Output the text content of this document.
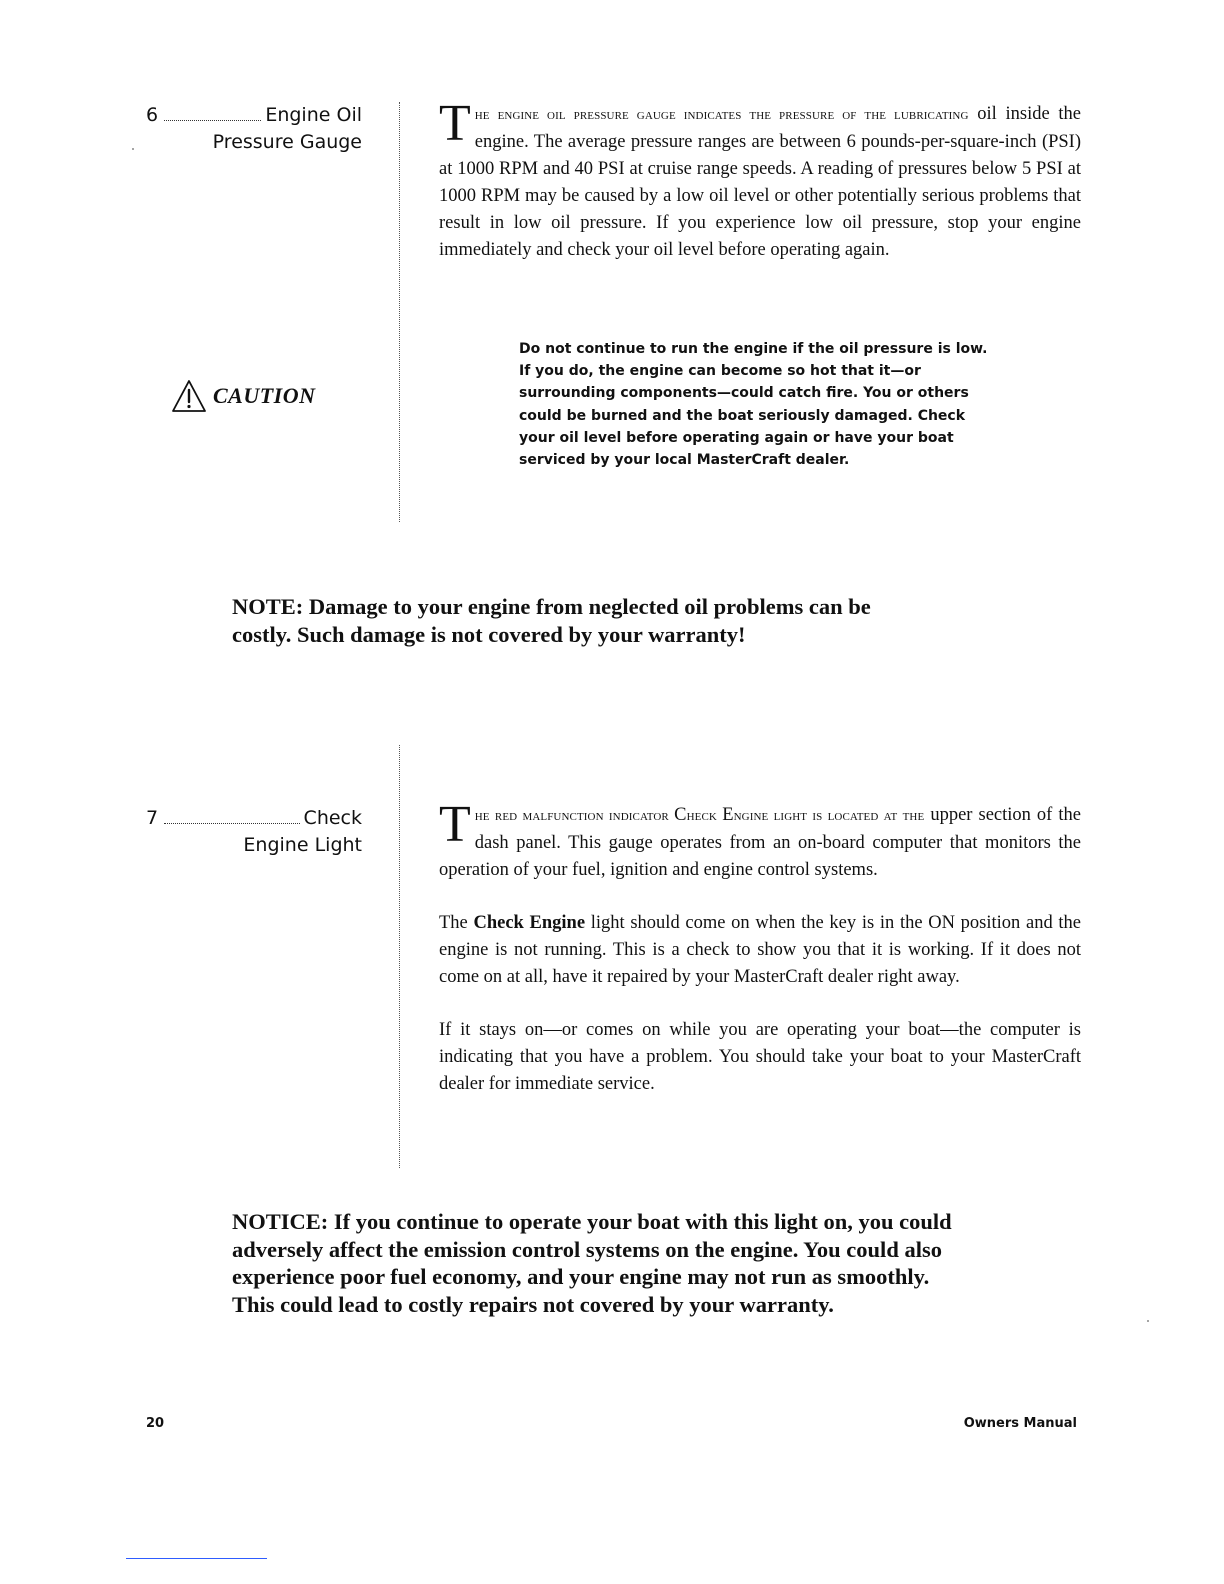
6	Engine Oil
Pressure Gauge The engine oil pressure gauge indicates the pressure of the lubricating oil inside the engine. The average pressure ranges are between 6 pounds-per-square-inch (PSI) at 1000 RPM and 40 PSI at cruise range speeds. A reading of pressures below 5 PSI at 1000 RPM may be caused by a low oil level or other potentially serious problems that result in low oil pressure. If you experience low oil pressure, stop your engine immediately and check your oil level before operating again.

CAUTION

Do not continue to run the engine if the oil pressure is low. If you do, the engine can become so hot that it—or surrounding components—could catch fire. You or others could be burned and the boat seriously damaged. Check your oil level before operating again or have your boat serviced by your local MasterCraft dealer.

NOTE: Damage to your engine from neglected oil problems can be costly. Such damage is not covered by your warranty!

7	Check
Engine Light The red malfunction indicator Check Engine light is located at the upper section of the dash panel. This gauge operates from an on-board computer that monitors the operation of your fuel, ignition and engine control systems.

The Check Engine light should come on when the key is in the ON position and the engine is not running. This is a check to show you that it is working. If it does not come on at all, have it repaired by your MasterCraft dealer right away.

If it stays on—or comes on while you are operating your boat—the computer is indicating that you have a problem. You should take your boat to your MasterCraft dealer for immediate service.

NOTICE: If you continue to operate your boat with this light on, you could adversely affect the emission control systems on the engine. You could also experience poor fuel economy, and your engine may not run as smoothly. This could lead to costly repairs not covered by your warranty.

20	Owners Manual
